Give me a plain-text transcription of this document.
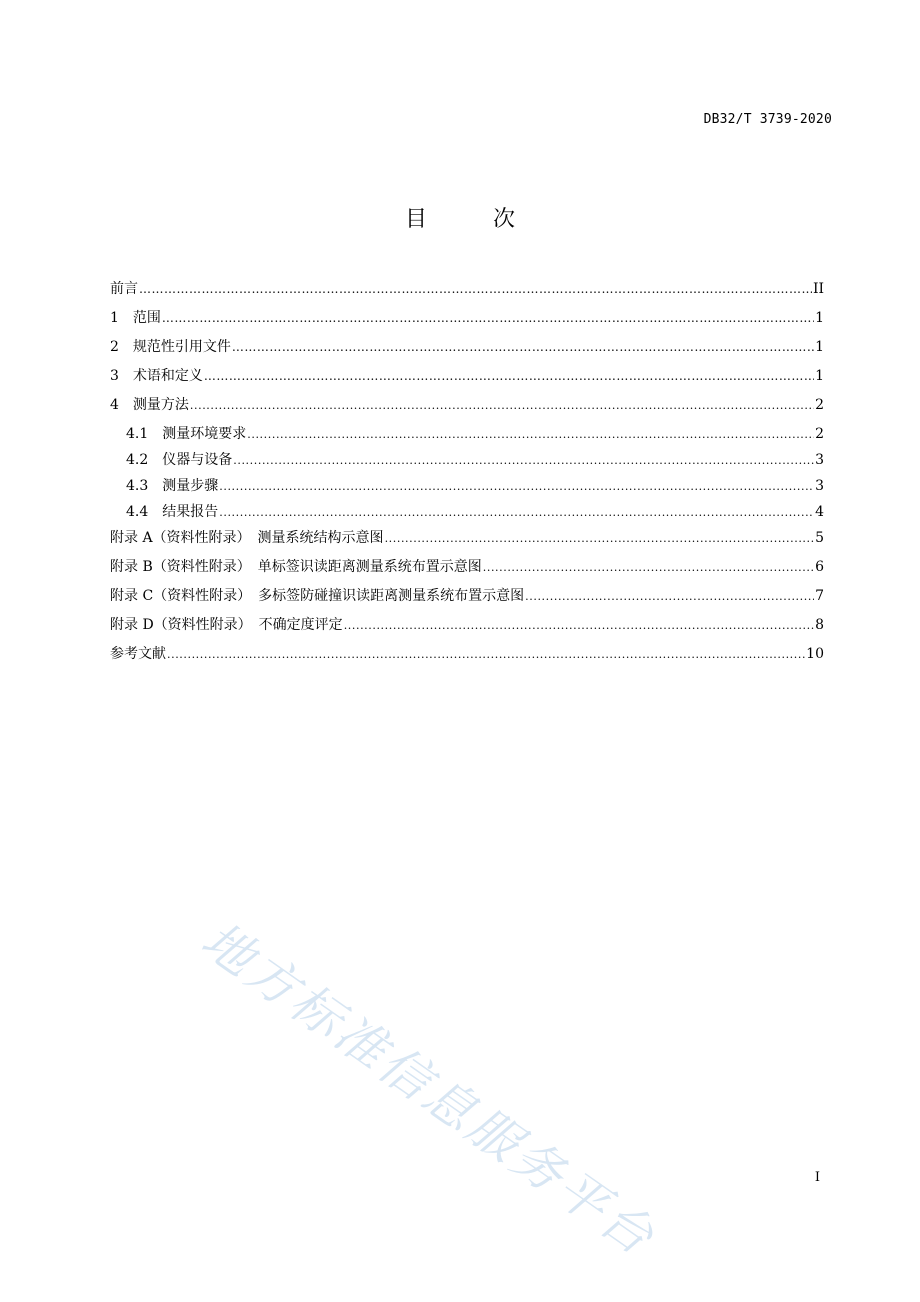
DB32/T 3739-2020
目　次
前言 ……………………………………………………………………………………………………………………………………………………………………………………………………………………………………	II
1　范围 ……………………………………………………………………………………………………………………………………………………………………………………………………………………………………	1
2　规范性引用文件 ……………………………………………………………………………………………………………………………………………………………………………………………………………………………………	1
3　术语和定义 ……………………………………………………………………………………………………………………………………………………………………………………………………………………………………	1
4　测量方法 .....	2
4.1　测量环境要求 .....	2
4.2　仪器与设备 .....	3
4.3　测量步骤 .....	3
4.4　结果报告 .....	4
附录 A（资料性附录）　测量系统结构示意图 .....	5
附录 B（资料性附录）　单标签识读距离测量系统布置示意图 .....	6
附录 C（资料性附录）　多标签防碰撞识读距离测量系统布置示意图 .....	7
附录 D（资料性附录）　不确定度评定 .....	8
参考文献 .....	10
I
地方标准信息服务平台
